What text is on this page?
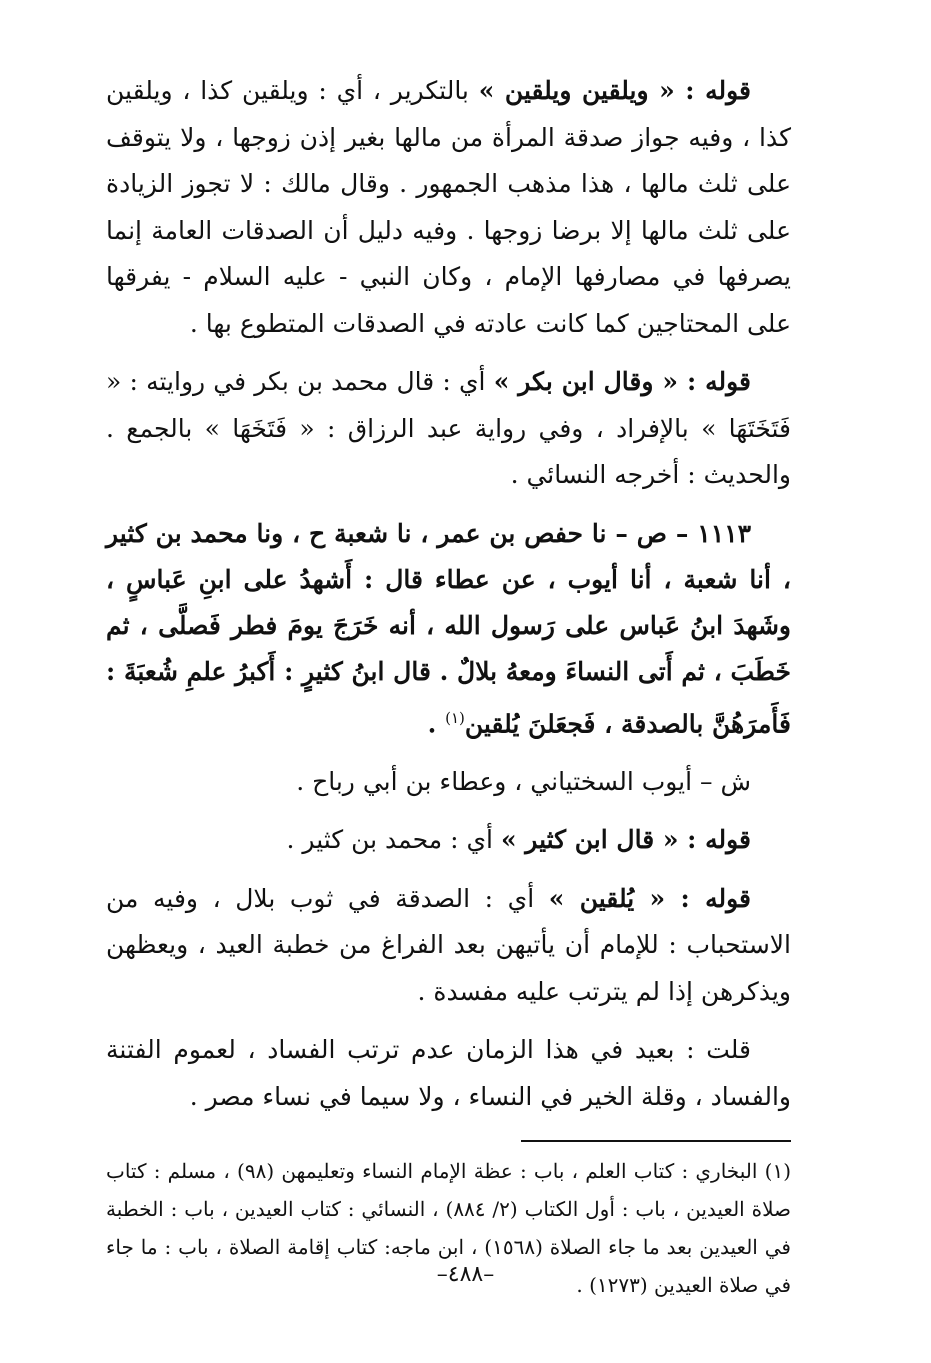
قوله : « ويلقين ويلقين » بالتكرير ، أي : ويلقين كذا ، ويلقين كذا ، وفيه جواز صدقة المرأة من مالها بغير إذن زوجها ، ولا يتوقف على ثلث مالها ، هذا مذهب الجمهور . وقال مالك : لا تجوز الزيادة على ثلث مالها إلا برضا زوجها . وفيه دليل أن الصدقات العامة إنما يصرفها في مصارفها الإمام ، وكان النبي - عليه السلام - يفرقها على المحتاجين كما كانت عادته في الصدقات المتطوع بها .

قوله : « وقال ابن بكر » أي : قال محمد بن بكر في روايته : « فَتَخَتَهَا » بالإفراد ، وفي رواية عبد الرزاق : « فَتَخَهَا » بالجمع . والحديث : أخرجه النسائي .

١١١٣ – ص – نا حفص بن عمر ، نا شعبة ح ، ونا محمد بن كثير ، أنا شعبة ، أنا أيوب ، عن عطاء قال : أَشهدُ على ابنِ عَباسٍ ، وشَهدَ ابنُ عَباس على رَسول الله ، أنه خَرَجَ يومَ فطر فَصلَّى ، ثم خَطَبَ ، ثم أَتى النساءَ ومعهُ بلالٌ . قال ابنُ كثيرٍ : أَكبرُ علمِ شُعبَةَ : فَأَمرَهُنَّ بالصدقة ، فَجعَلنَ يُلقين$^{(١)}$ .

ش – أيوب السختياني ، وعطاء بن أبي رباح .

قوله : « قال ابن كثير » أي : محمد بن كثير .

قوله : « يُلقين » أي : الصدقة في ثوب بلال ، وفيه من الاستحباب : للإمام أن يأتيهن بعد الفراغ من خطبة العيد ، ويعظهن ويذكرهن إذا لم يترتب عليه مفسدة .

قلت : بعيد في هذا الزمان عدم ترتب الفساد ، لعموم الفتنة والفساد ، وقلة الخير في النساء ، ولا سيما في نساء مصر .

(١) البخاري : كتاب العلم ، باب : عظة الإمام النساء وتعليمهن (٩٨) ، مسلم : كتاب صلاة العيدين ، باب : أول الكتاب (٢/ ٨٨٤) ، النسائي : كتاب العيدين ، باب : الخطبة في العيدين بعد ما جاء الصلاة (١٥٦٨) ، ابن ماجه: كتاب إقامة الصلاة ، باب : ما جاء في صلاة العيدين (١٢٧٣) .

–٤٨٨–
